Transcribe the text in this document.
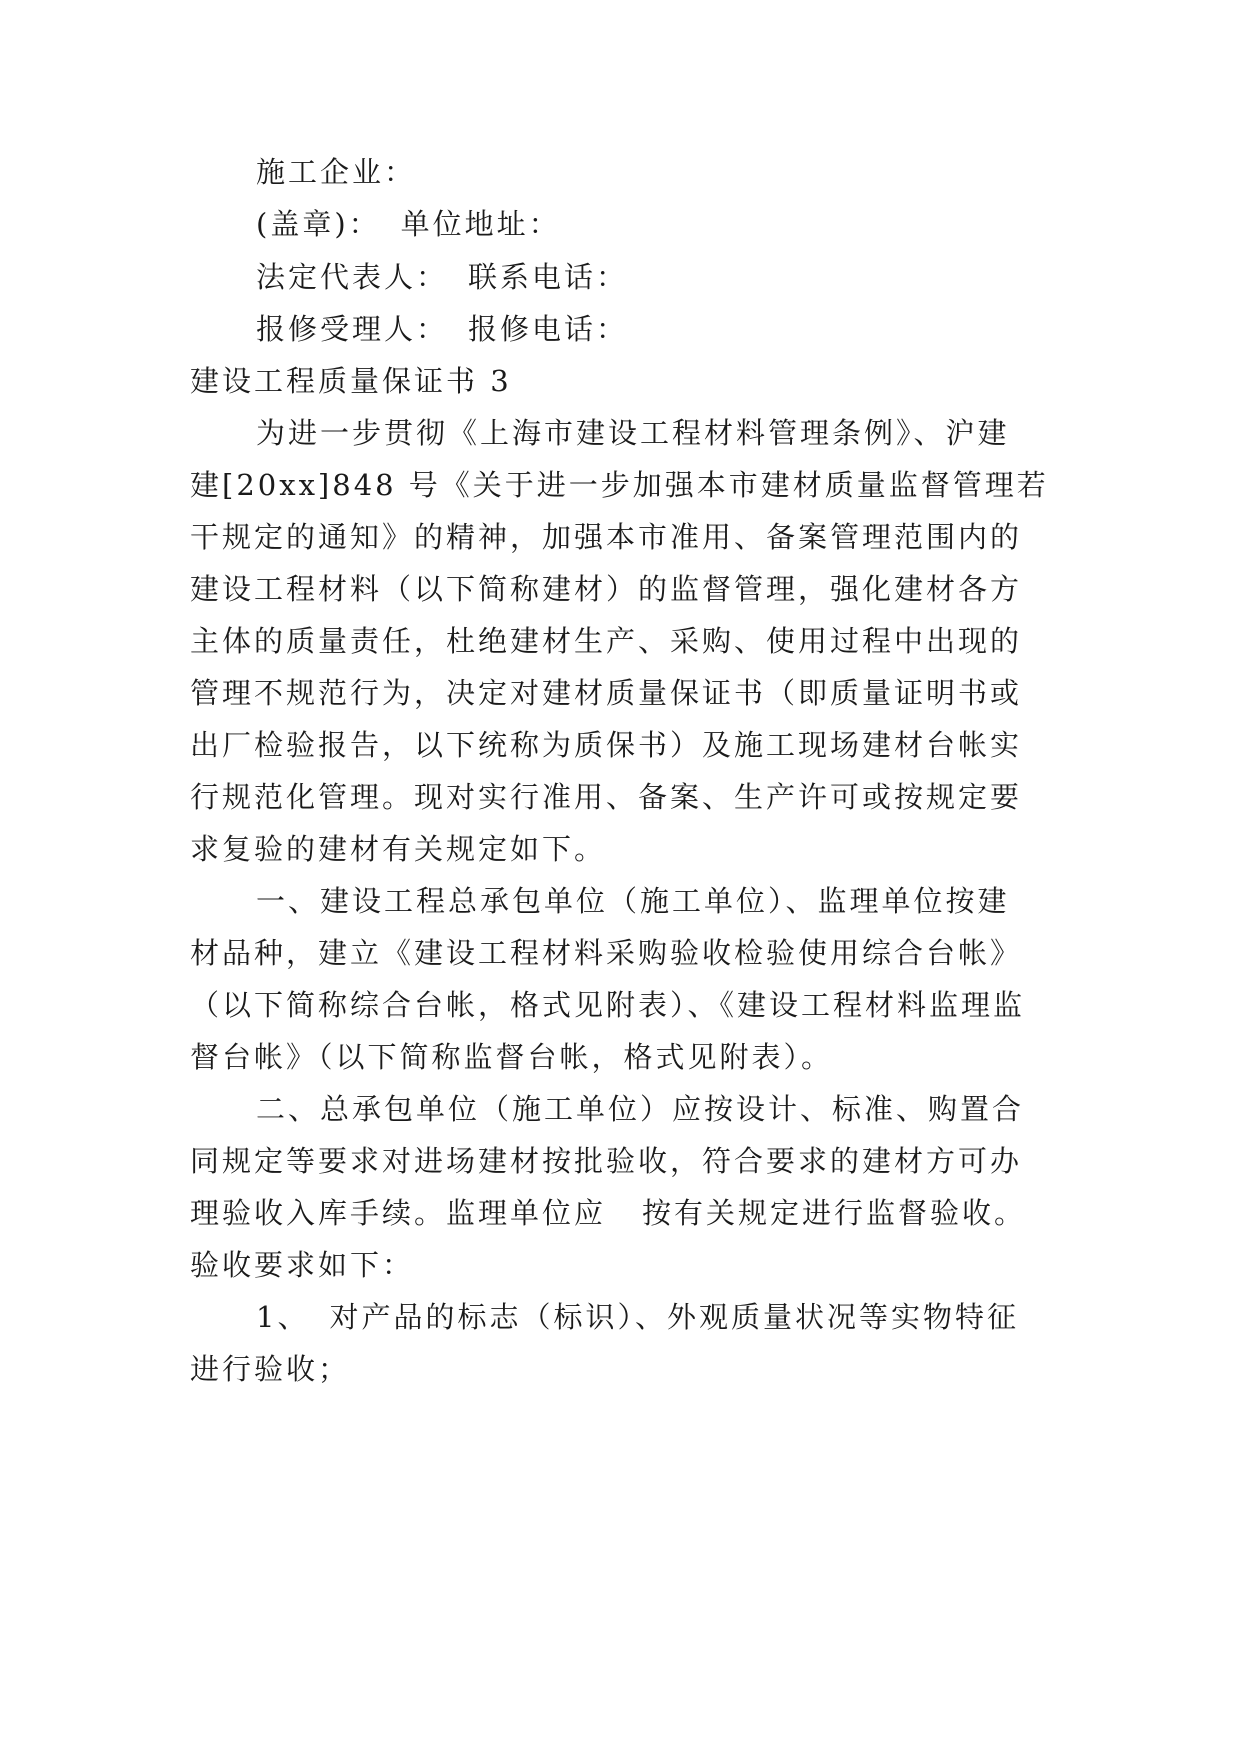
施工企业：
(盖章)： 单位地址：
法定代表人： 联系电话：
报修受理人： 报修电话：
建设工程质量保证书 3
为进一步贯彻《上海市建设工程材料管理条例》、沪建
建[20xx]848 号《关于进一步加强本市建材质量监督管理若
干规定的通知》的精神，加强本市准用、备案管理范围内的
建设工程材料（以下简称建材）的监督管理，强化建材各方
主体的质量责任，杜绝建材生产、采购、使用过程中出现的
管理不规范行为，决定对建材质量保证书（即质量证明书或
出厂检验报告，以下统称为质保书）及施工现场建材台帐实
行规范化管理。现对实行准用、备案、生产许可或按规定要
求复验的建材有关规定如下。
一、建设工程总承包单位（施工单位）、监理单位按建
材品种，建立《建设工程材料采购验收检验使用综合台帐》
（以下简称综合台帐，格式见附表）、《建设工程材料监理监
督台帐》（以下简称监督台帐，格式见附表）。
二、总承包单位（施工单位）应按设计、标准、购置合
同规定等要求对进场建材按批验收，符合要求的建材方可办
理验收入库手续。监理单位应 按有关规定进行监督验收。
验收要求如下：
1、 对产品的标志（标识）、外观质量状况等实物特征
进行验收；
